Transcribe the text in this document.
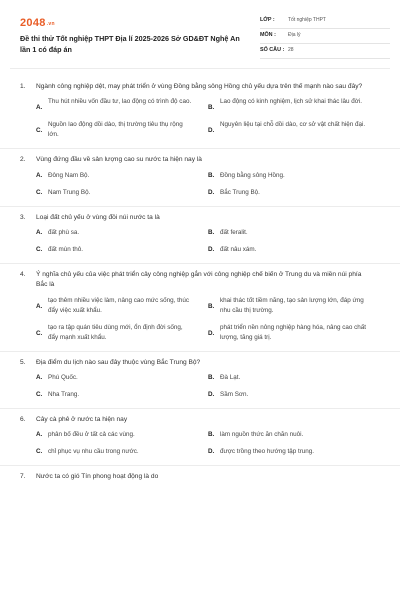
2048.vn
Đề thi thử Tốt nghiệp THPT Địa lí 2025-2026 Sở GD&ĐT Nghệ An lần 1 có đáp án
LỚP :	Tốt nghiệp THPT
MÔN :	Địa lý
SỐ CÂU : 28
1.	Ngành công nghiệp dệt, may phát triển ở vùng Đồng bằng sông Hồng chủ yếu dựa trên thế mạnh nào sau đây?
A.
Thu hút nhiều vốn đầu tư, lao động có trình độ cao.
B.
Lao động có kinh nghiệm, lịch sử khai thác lâu đời.
C.
Nguồn lao động dồi dào, thị trường tiêu thụ rộng lớn.
D.
Nguyên liệu tại chỗ dồi dào, cơ sở vật chất hiện đại.
2.	Vùng đứng đầu về sản lượng cao su nước ta hiện nay là
A. Đông Nam Bộ.	B. Đồng bằng sông Hồng.
C. Nam Trung Bộ.	D. Bắc Trung Bộ.
3.	Loại đất chủ yếu ở vùng đồi núi nước ta là
A. đất phù sa.	B. đất feralit.
C. đất mùn thô.	D. đất nâu xám.
4.	Ý nghĩa chủ yếu của việc phát triển cây công nghiệp gắn với công nghiệp chế biến ở Trung du và miền núi phía Bắc là
A.
tạo thêm nhiều việc làm, nâng cao mức sống, thúc đẩy việc xuất khẩu.
B.
khai thác tốt tiềm năng, tạo sản lượng lớn, đáp ứng nhu cầu thị trường.
C.
tạo ra tập quán tiêu dùng mới, ổn định đời sống, đẩy mạnh xuất khẩu.
D.
phát triển nền nông nghiệp hàng hóa, nâng cao chất lượng, tăng giá trị.
5.	Địa điểm du lịch nào sau đây thuộc vùng Bắc Trung Bộ?
A. Phú Quốc.	B. Đà Lạt.
C. Nha Trang.	D. Sầm Sơn.
6.	Cây cà phê ở nước ta hiện nay
A. phân bố đều ở tất cả các vùng.	B. làm nguồn thức ăn chăn nuôi.
C. chỉ phục vụ nhu cầu trong nước.	D. được trồng theo hướng tập trung.
7.	Nước ta có gió Tín phong hoạt động là do
